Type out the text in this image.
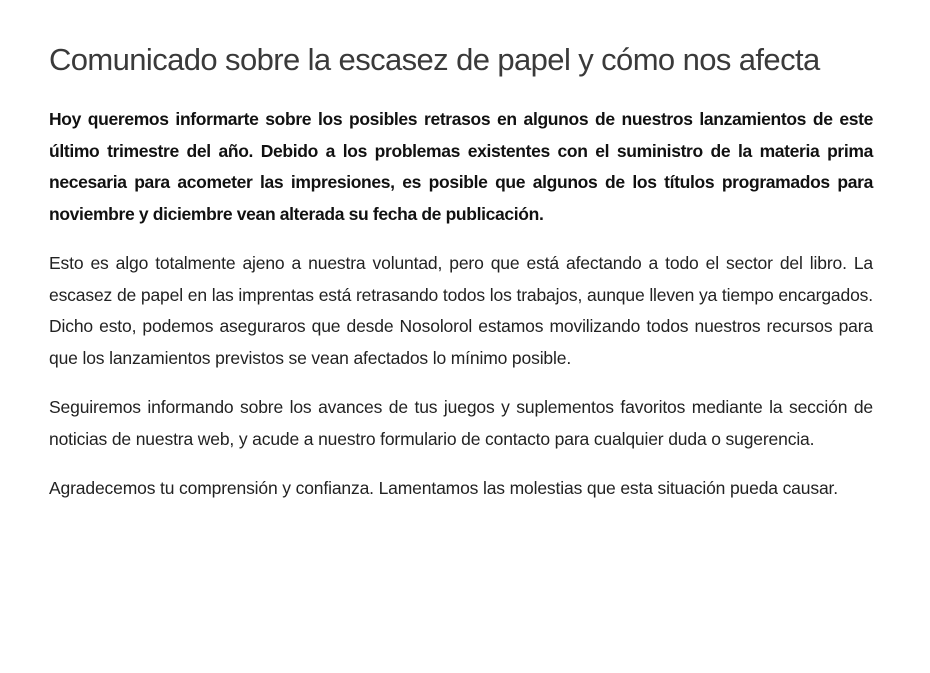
Comunicado sobre la escasez de papel y cómo nos afecta

Hoy queremos informarte sobre los posibles retrasos en algunos de nuestros lanzamientos de este último trimestre del año. Debido a los problemas existentes con el suministro de la materia prima necesaria para acometer las impresiones, es posible que algunos de los títulos programados para noviembre y diciembre vean alterada su fecha de publicación.

Esto es algo totalmente ajeno a nuestra voluntad, pero que está afectando a todo el sector del libro. La escasez de papel en las imprentas está retrasando todos los trabajos, aunque lleven ya tiempo encargados. Dicho esto, podemos aseguraros que desde Nosolorol estamos movilizando todos nuestros recursos para que los lanzamientos previstos se vean afectados lo mínimo posible.

Seguiremos informando sobre los avances de tus juegos y suplementos favoritos mediante la sección de noticias de nuestra web, y acude a nuestro formulario de contacto para cualquier duda o sugerencia.

Agradecemos tu comprensión y confianza. Lamentamos las molestias que esta situación pueda causar.
